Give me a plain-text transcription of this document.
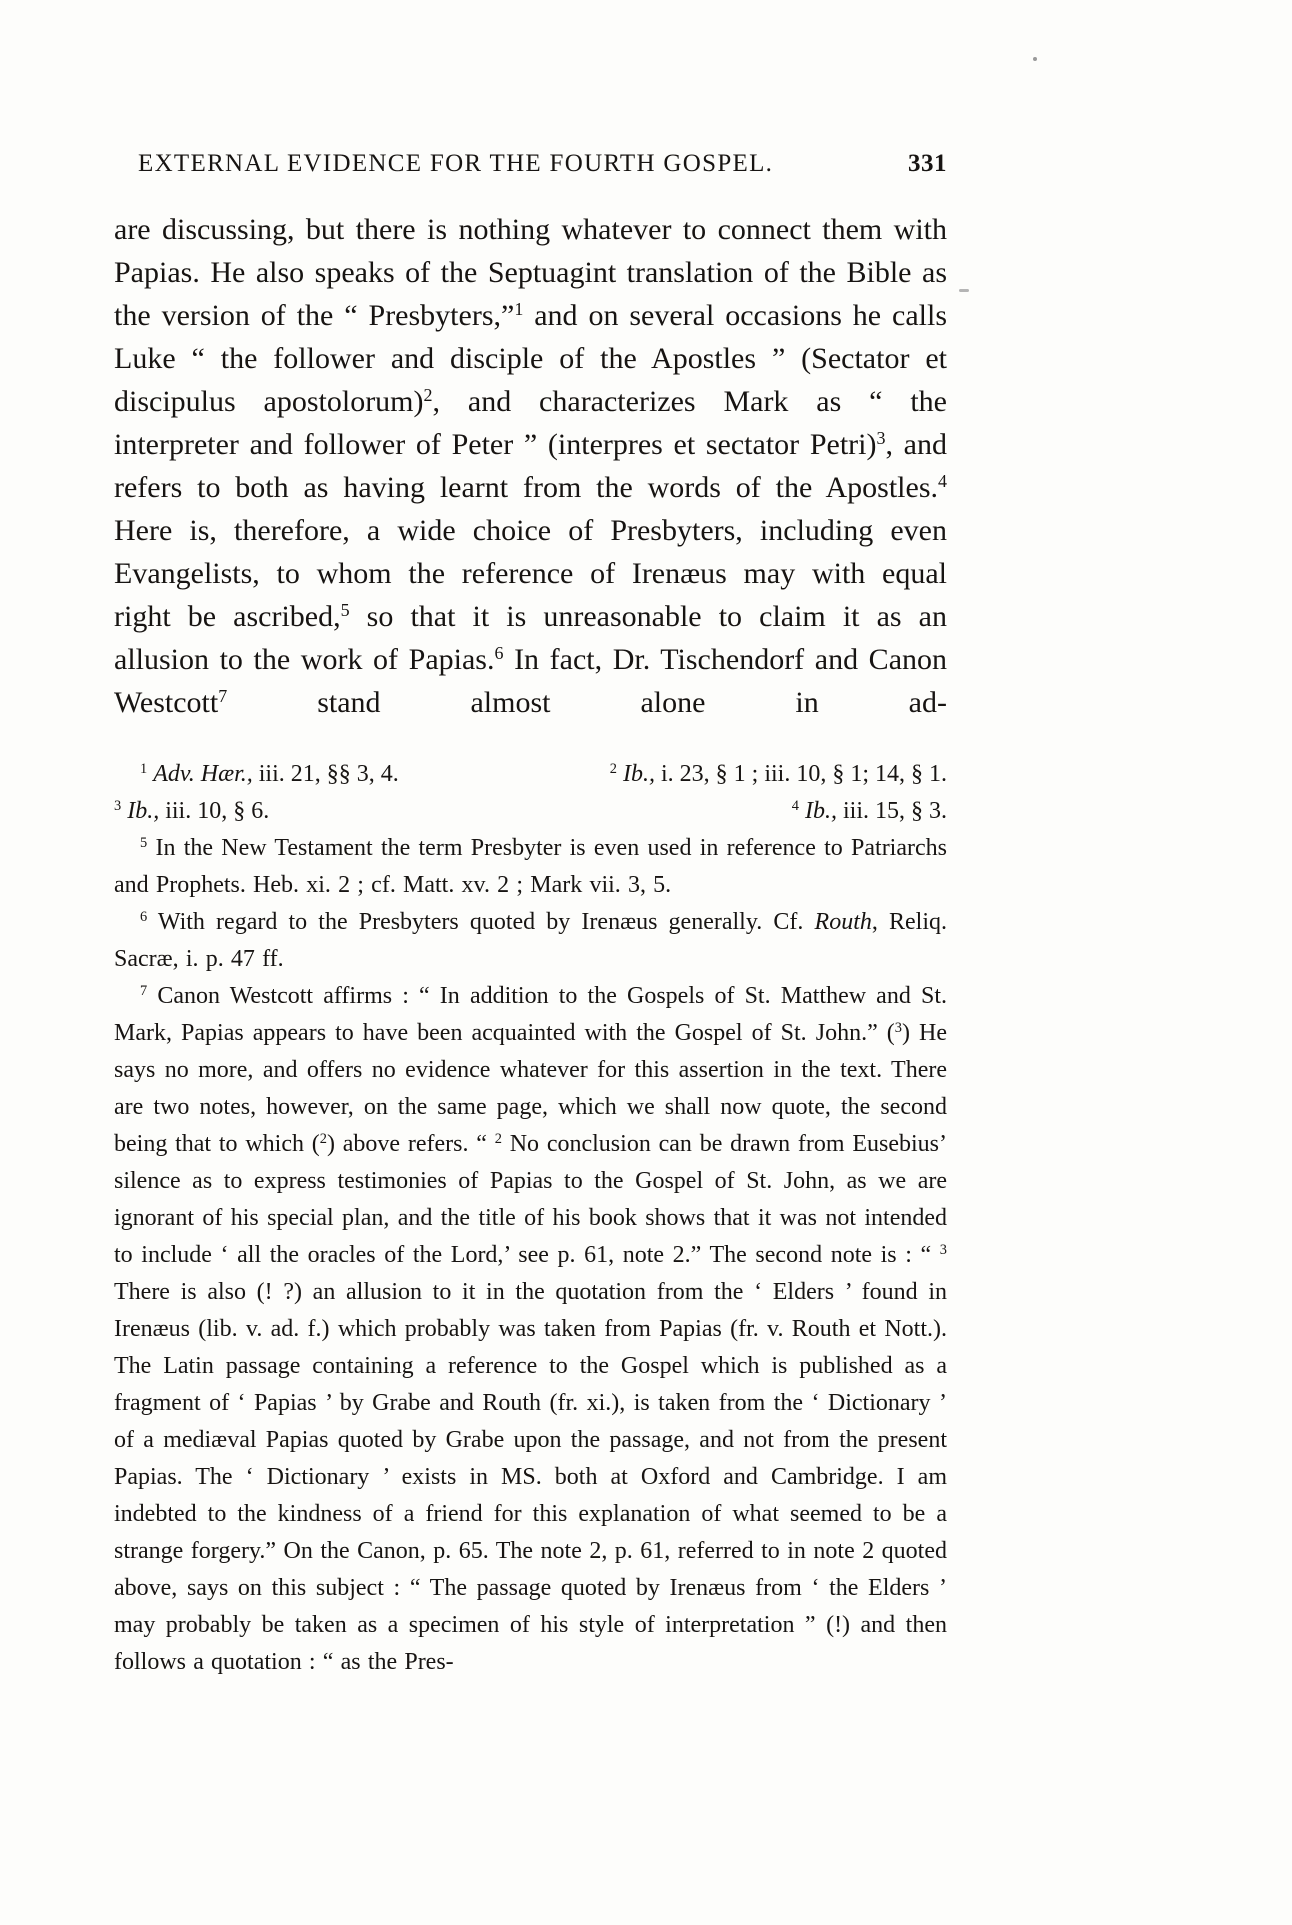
EXTERNAL EVIDENCE FOR THE FOURTH GOSPEL.	331

are discussing, but there is nothing whatever to connect them with Papias. He also speaks of the Septuagint translation of the Bible as the version of the “ Presbyters,”$^1$ and on several occasions he calls Luke “ the follower and disciple of the Apostles ” (Sectator et discipulus apostolorum)$^2$, and characterizes Mark as “ the interpreter and follower of Peter ” (interpres et sectator Petri)$^3$, and refers to both as having learnt from the words of the Apostles.$^4$ Here is, therefore, a wide choice of Presbyters, including even Evangelists, to whom the reference of Irenæus may with equal right be ascribed,$^5$ so that it is unreasonable to claim it as an allusion to the work of Papias.$^6$ In fact, Dr. Tischendorf and Canon Westcott$^7$ stand almost alone in ad-

$^1$ Adv. Hær., iii. 21, §§ 3, 4.	$^2$ Ib., i. 23, § 1 ; iii. 10, § 1; 14, § 1.
$^3$ Ib., iii. 10, § 6.	$^4$ Ib., iii. 15, § 3.

$^5$ In the New Testament the term Presbyter is even used in reference to Patriarchs and Prophets. Heb. xi. 2 ; cf. Matt. xv. 2 ; Mark vii. 3, 5.

$^6$ With regard to the Presbyters quoted by Irenæus generally. Cf. Routh, Reliq. Sacræ, i. p. 47 ff.

$^7$ Canon Westcott affirms : “ In addition to the Gospels of St. Matthew and St. Mark, Papias appears to have been acquainted with the Gospel of St. John.” ($^3$) He says no more, and offers no evidence whatever for this assertion in the text. There are two notes, however, on the same page, which we shall now quote, the second being that to which ($^2$) above refers. “ $^2$ No conclusion can be drawn from Eusebius’ silence as to express testimonies of Papias to the Gospel of St. John, as we are ignorant of his special plan, and the title of his book shows that it was not intended to include ‘ all the oracles of the Lord,’ see p. 61, note 2.” The second note is : “ $^3$ There is also (! ?) an allusion to it in the quotation from the ‘ Elders ’ found in Irenæus (lib. v. ad. f.) which probably was taken from Papias (fr. v. Routh et Nott.). The Latin passage containing a reference to the Gospel which is published as a fragment of ‘ Papias ’ by Grabe and Routh (fr. xi.), is taken from the ‘ Dictionary ’ of a mediæval Papias quoted by Grabe upon the passage, and not from the present Papias. The ‘ Dictionary ’ exists in MS. both at Oxford and Cambridge. I am indebted to the kindness of a friend for this explanation of what seemed to be a strange forgery.” On the Canon, p. 65. The note 2, p. 61, referred to in note 2 quoted above, says on this subject : “ The passage quoted by Irenæus from ‘ the Elders ’ may probably be taken as a specimen of his style of interpretation ” (!) and then follows a quotation : “ as the Pres-
